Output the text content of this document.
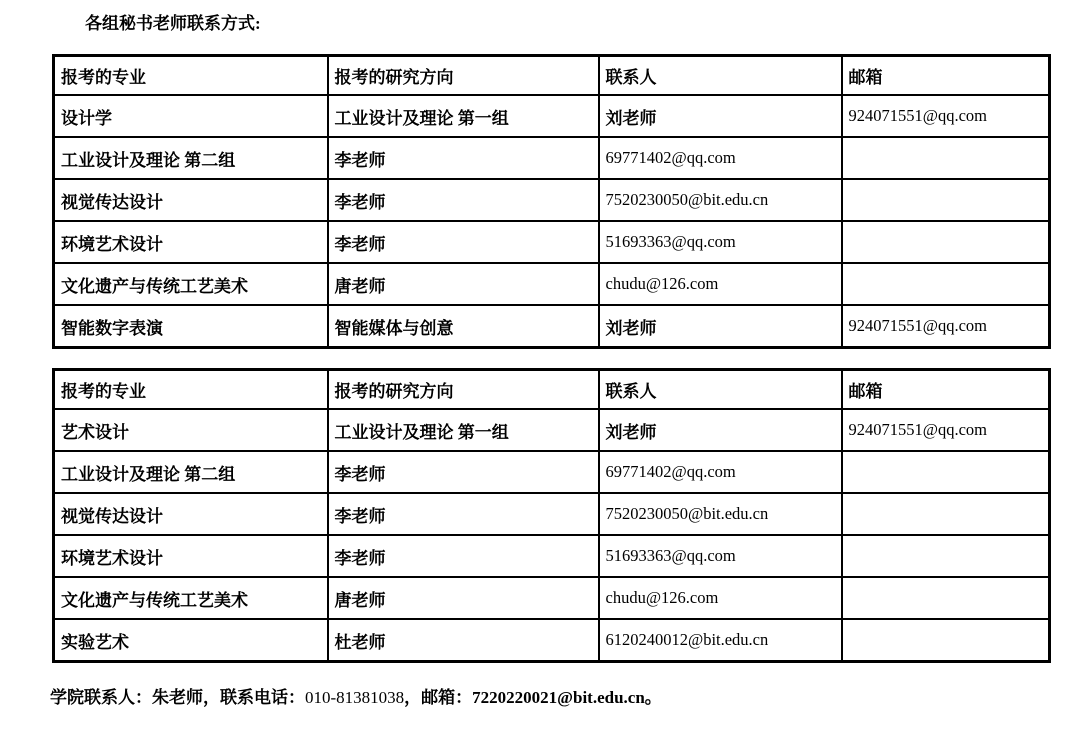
各组秘书老师联系方式:
报考的专业	报考的研究方向	联系人	邮箱
设计学	工业设计及理论 第一组	刘老师	924071551@qq.com
工业设计及理论 第二组	李老师	69771402@qq.com	
视觉传达设计	李老师	7520230050@bit.edu.cn	
环境艺术设计	李老师	51693363@qq.com	
文化遗产与传统工艺美术	唐老师	chudu@126.com	
智能数字表演	智能媒体与创意	刘老师	924071551@qq.com
报考的专业	报考的研究方向	联系人	邮箱
艺术设计	工业设计及理论 第一组	刘老师	924071551@qq.com
工业设计及理论 第二组	李老师	69771402@qq.com	
视觉传达设计	李老师	7520230050@bit.edu.cn	
环境艺术设计	李老师	51693363@qq.com	
文化遗产与传统工艺美术	唐老师	chudu@126.com	
实验艺术	杜老师	6120240012@bit.edu.cn	

学院联系人：朱老师，联系电话：010-81381038，邮箱：7220220021@bit.edu.cn。
